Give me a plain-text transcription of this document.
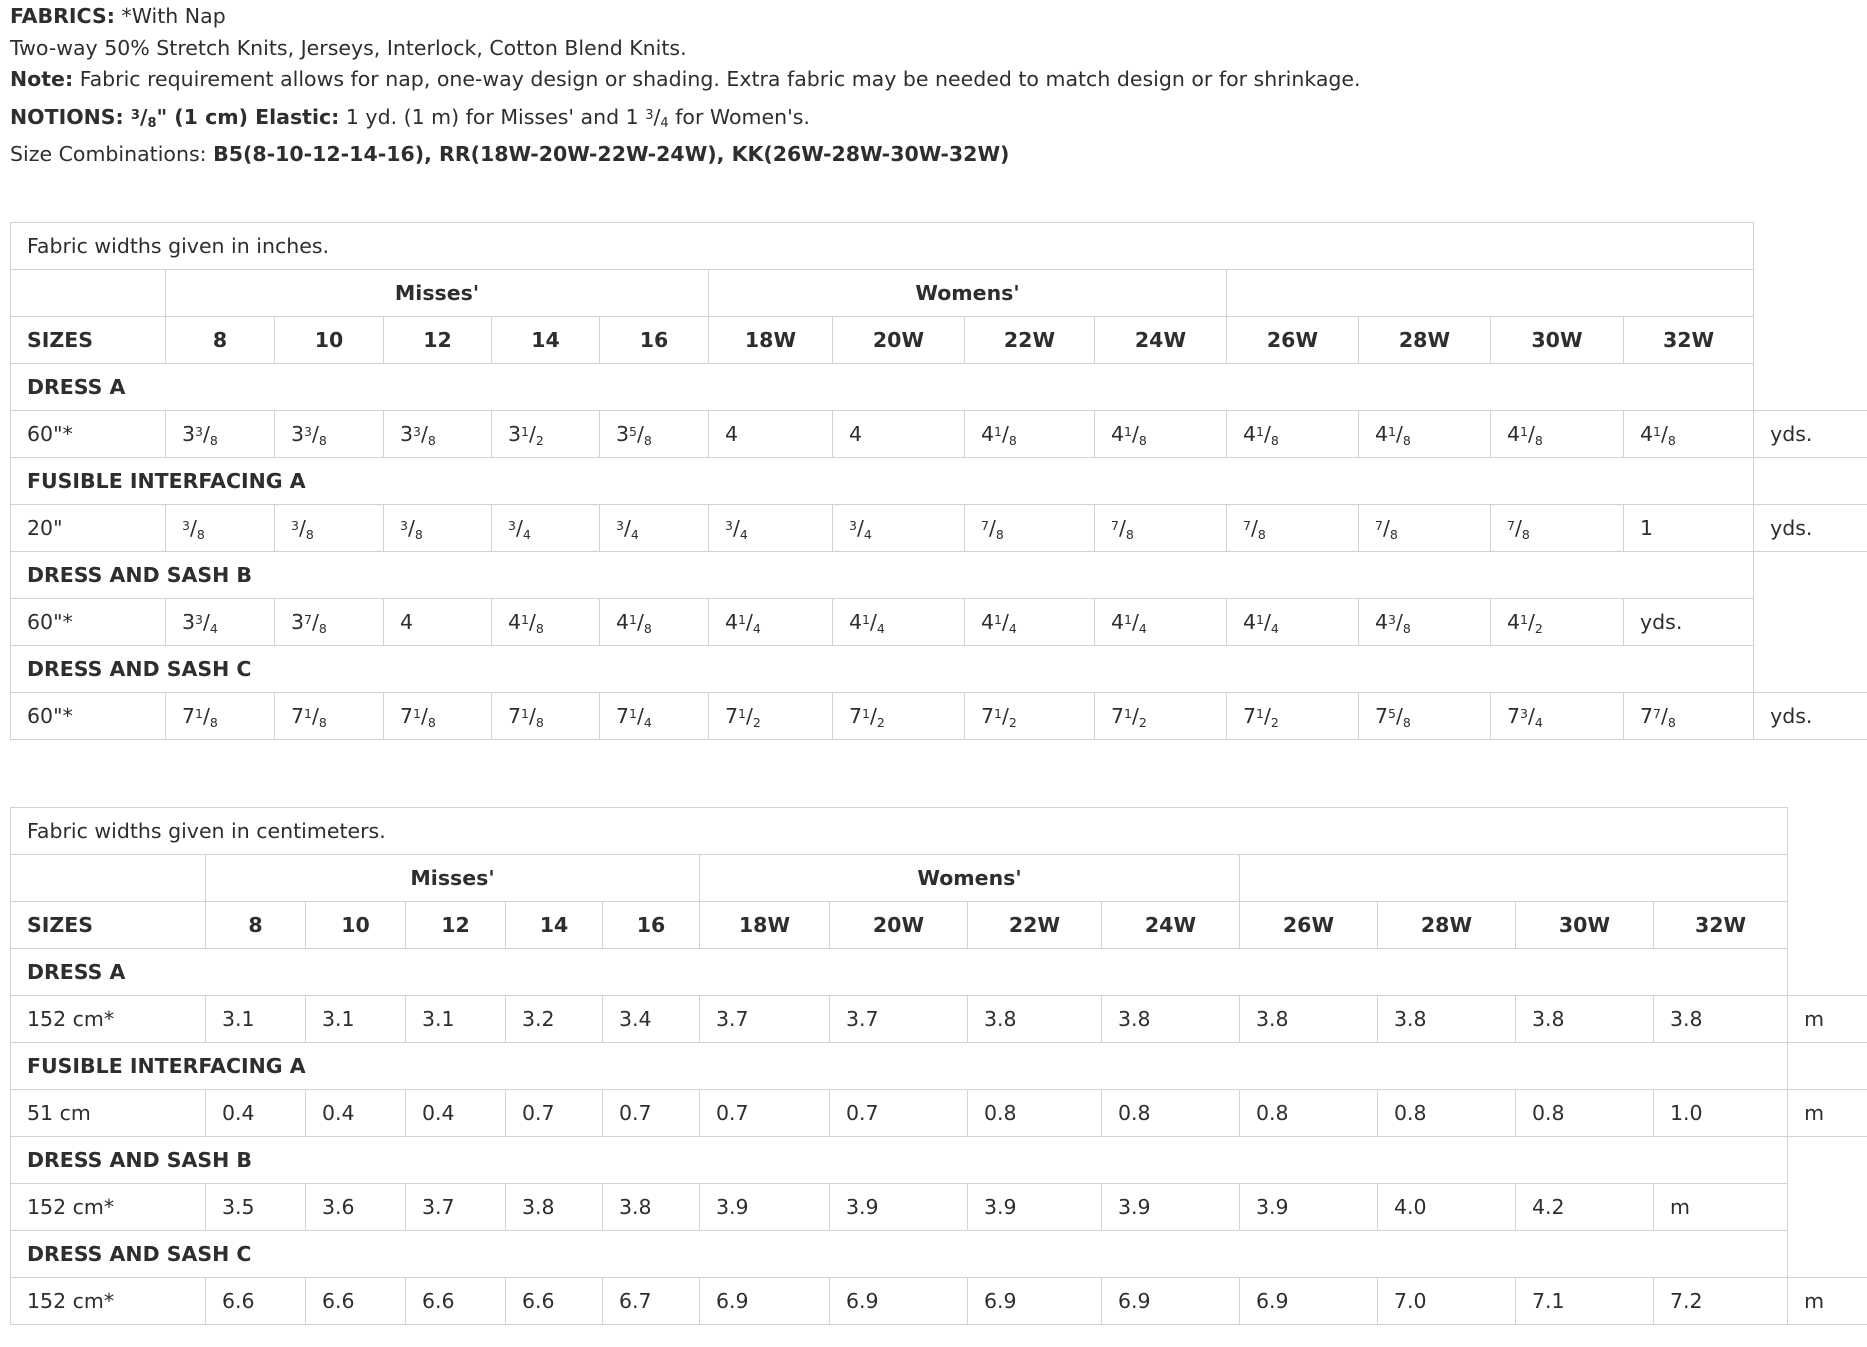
FABRICS: *With Nap

Two-way 50% Stretch Knits, Jerseys, Interlock, Cotton Blend Knits.

Note: Fabric requirement allows for nap, one-way design or shading. Extra fabric may be needed to match design or for shrinkage.

NOTIONS: $^3/_8$" (1 cm) Elastic: 1 yd. (1 m) for Misses' and 1 $^3/_4$ for Women's.

Size Combinations: B5(8-10-12-14-16), RR(18W-20W-22W-24W), KK(26W-28W-30W-32W)

Fabric widths given in inches.														
	Misses'					Womens'								
SIZES	8	10	12	14	16	18W	20W	22W	24W	26W	28W	30W	32W	
DRESS A														
60"*	$3^3/_8$	$3^3/_8$	$3^3/_8$	$3^1/_2$	$3^5/_8$	4	4	$4^1/_8$	$4^1/_8$	$4^1/_8$	$4^1/_8$	$4^1/_8$	$4^1/_8$	yds.
FUSIBLE INTERFACING A														
20"	$^3/_8$	$^3/_8$	$^3/_8$	$^3/_4$	$^3/_4$	$^3/_4$	$^3/_4$	$^7/_8$	$^7/_8$	$^7/_8$	$^7/_8$	$^7/_8$	1	yds.
DRESS AND SASH B														
60"*	$3^3/_4$	$3^7/_8$	4	$4^1/_8$	$4^1/_8$	$4^1/_4$	$4^1/_4$	$4^1/_4$	$4^1/_4$	$4^1/_4$	$4^3/_8$	$4^1/_2$	yds.	
DRESS AND SASH C														
60"*	$7^1/_8$	$7^1/_8$	$7^1/_8$	$7^1/_8$	$7^1/_4$	$7^1/_2$	$7^1/_2$	$7^1/_2$	$7^1/_2$	$7^1/_2$	$7^5/_8$	$7^3/_4$	$7^7/_8$	yds.
Fabric widths given in centimeters.														
	Misses'					Womens'								
SIZES	8	10	12	14	16	18W	20W	22W	24W	26W	28W	30W	32W	
DRESS A														
152 cm*	3.1	3.1	3.1	3.2	3.4	3.7	3.7	3.8	3.8	3.8	3.8	3.8	3.8	m
FUSIBLE INTERFACING A														
51 cm	0.4	0.4	0.4	0.7	0.7	0.7	0.7	0.8	0.8	0.8	0.8	0.8	1.0	m
DRESS AND SASH B														
152 cm*	3.5	3.6	3.7	3.8	3.8	3.9	3.9	3.9	3.9	3.9	4.0	4.2	m	
DRESS AND SASH C														
152 cm*	6.6	6.6	6.6	6.6	6.7	6.9	6.9	6.9	6.9	6.9	7.0	7.1	7.2	m
